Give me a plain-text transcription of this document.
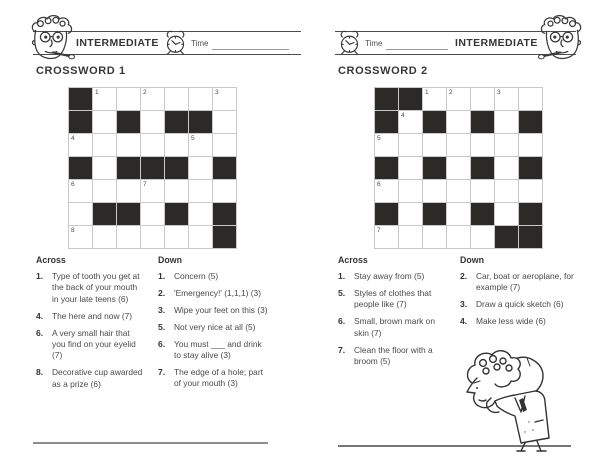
INTERMEDIATE	Time
CROSSWORD 1
1	2	3
4	5
6	7
8
Across
1.	Type of tooth you get at the back of your mouth in your late teens (6)
4.	The here and now (7)
6.	A very small hair that you find on your eyelid (7)
8.	Decorative cup awarded as a prize (6)
Down
1.	Concern (5)
2.	'Emergency!' (1,1,1) (3)
3.	Wipe your feet on this (3)
5.	Not very nice at all (5)
6.	You must ___ and drink to stay alive (3)
7.	The edge of a hole; part of your mouth (3)
Time	INTERMEDIATE
CROSSWORD 2
1	2	3
4
5
6
7
Across
1.	Stay away from (5)
5.	Styles of clothes that people like (7)
6.	Small, brown mark on skin (7)
7.	Clean the floor with a broom (5)
Down
2.	Car, boat or aeroplane, for example (7)
3.	Draw a quick sketch (6)
4.	Make less wide (6)
